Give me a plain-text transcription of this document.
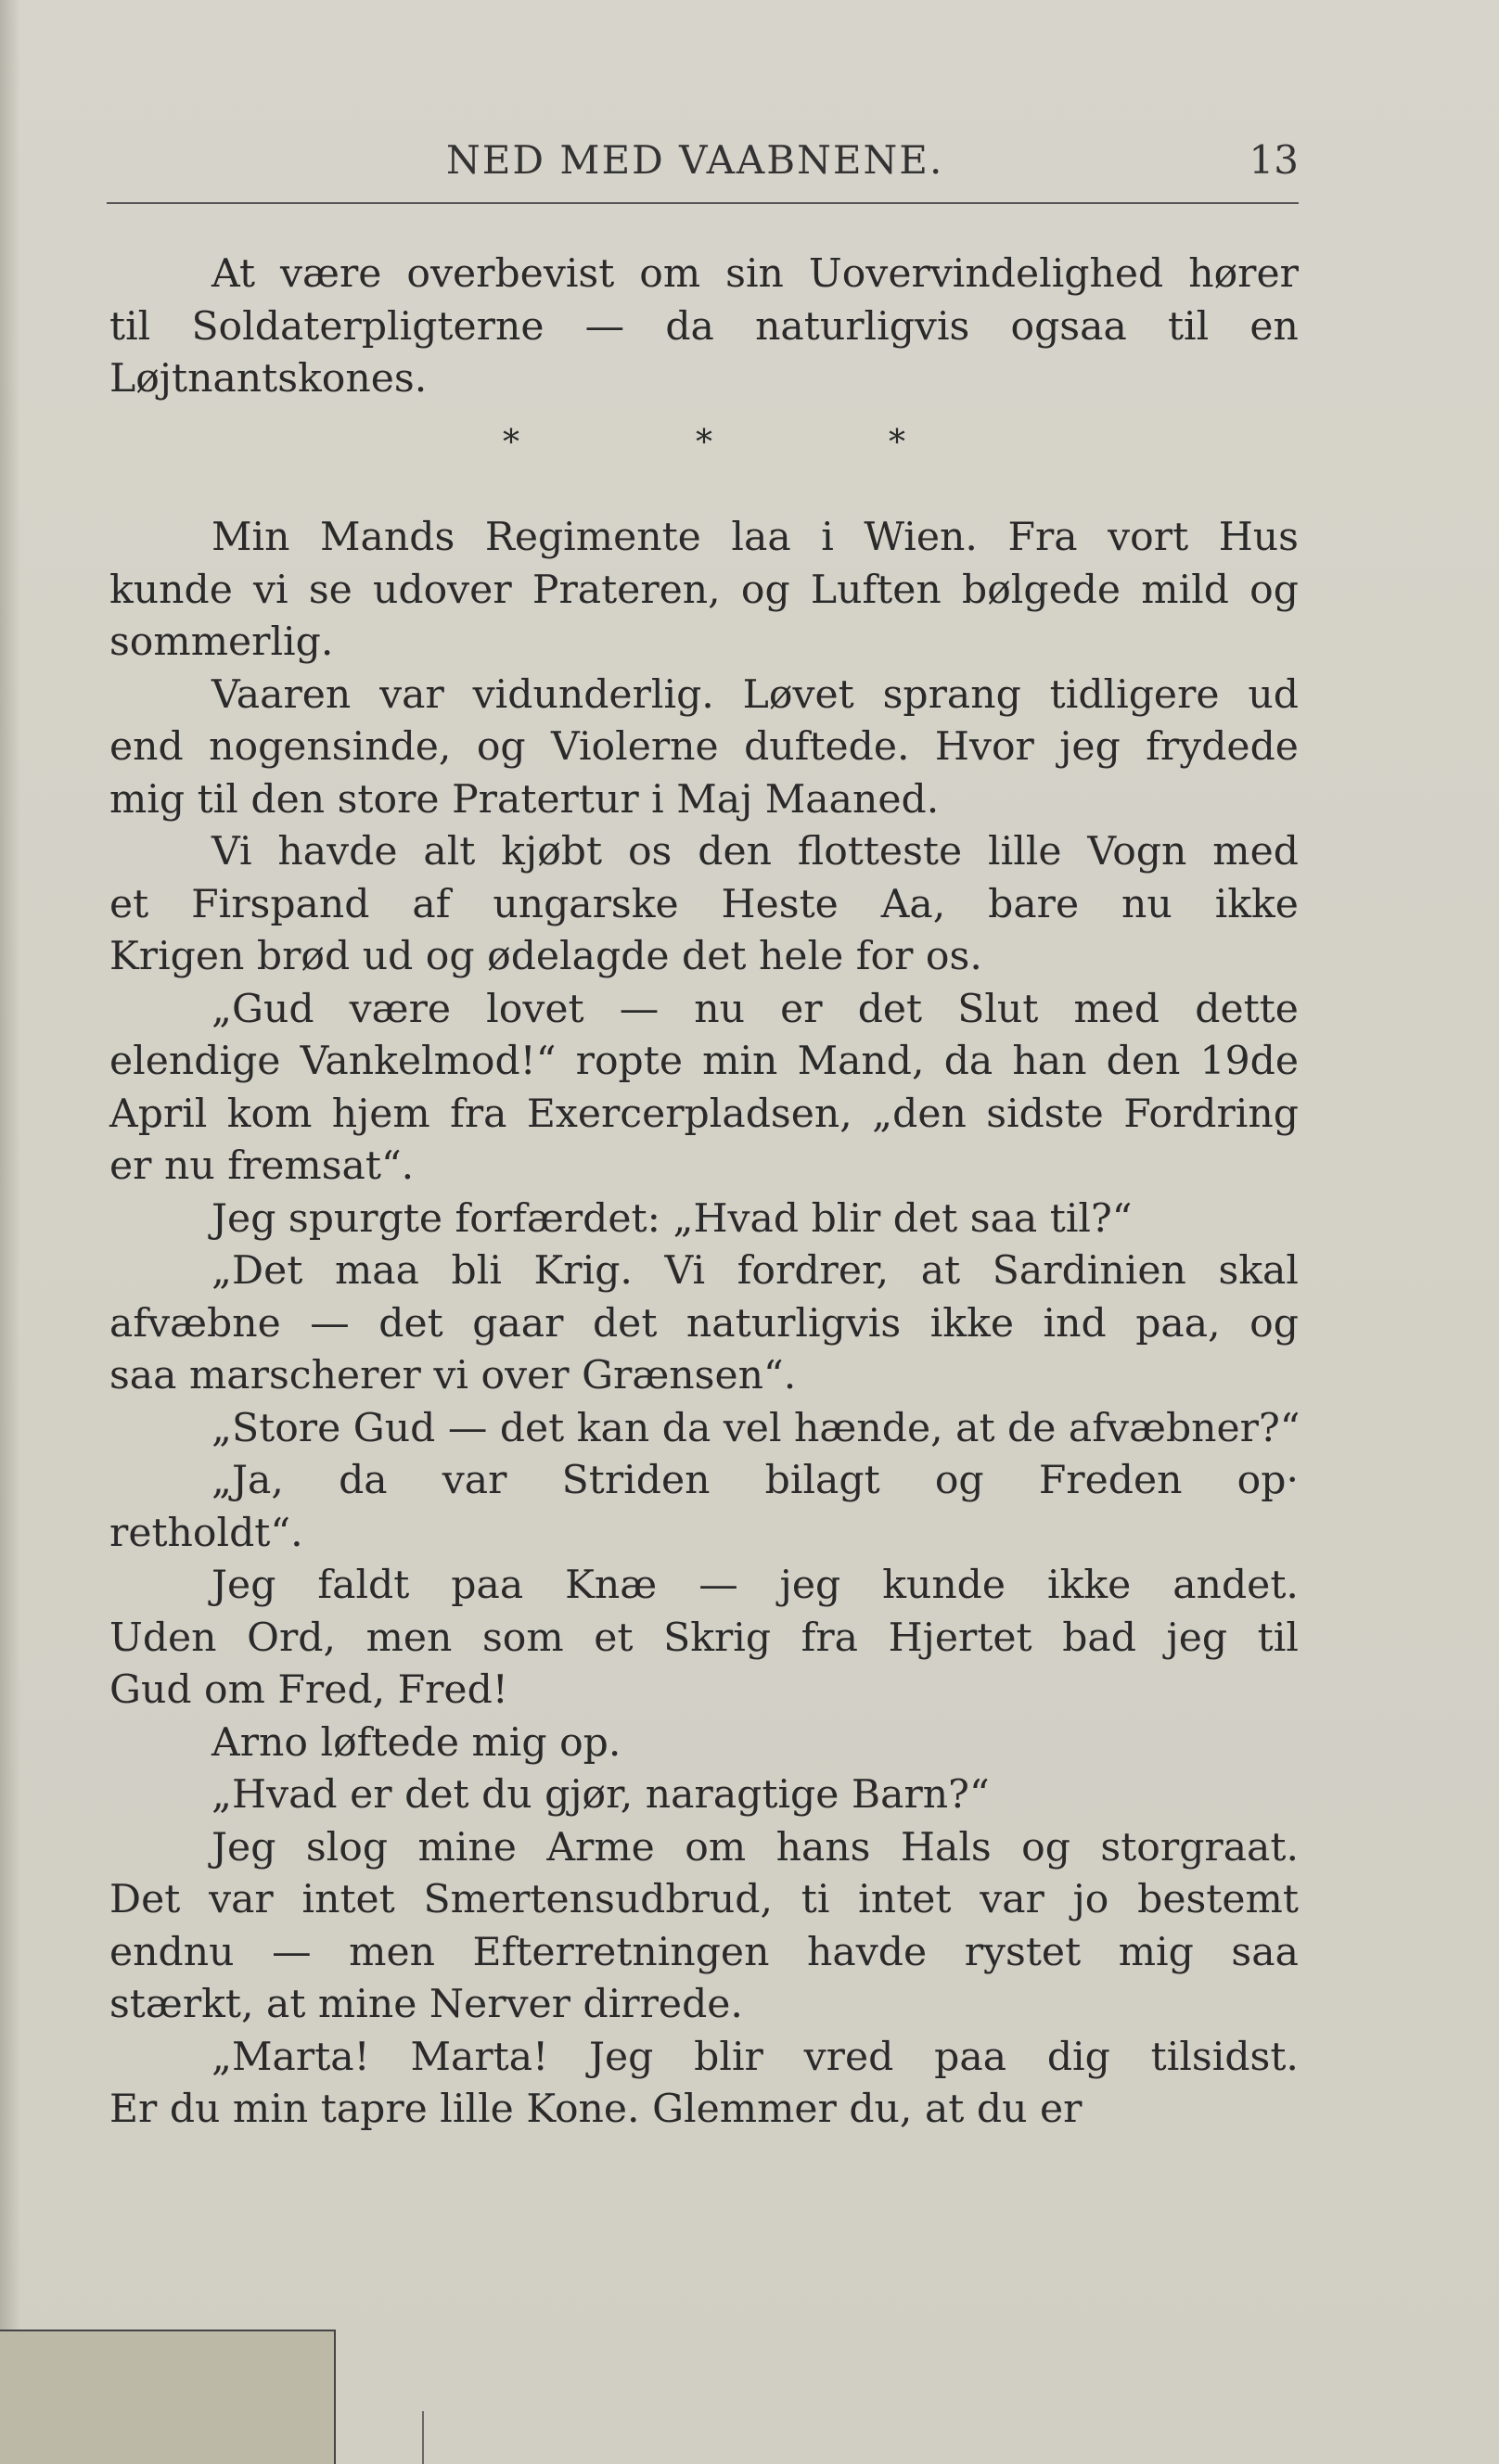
NED MED VAABNENE.	13
At være overbevist om sin Uovervindelighed hører
til Soldaterpligterne — da naturligvis ogsaa til en
Løjtnantskones.
*	*	*
Min Mands Regimente laa i Wien. Fra vort Hus
kunde vi se udover Prateren, og Luften bølgede mild og
sommerlig.
Vaaren var vidunderlig. Løvet sprang tidligere ud
end nogensinde, og Violerne duftede. Hvor jeg frydede
mig til den store Pratertur i Maj Maaned.
Vi havde alt kjøbt os den flotteste lille Vogn med
et Firspand af ungarske Heste Aa, bare nu ikke
Krigen brød ud og ødelagde det hele for os.
„Gud være lovet — nu er det Slut med dette
elendige Vankelmod!“ ropte min Mand, da han den 19de
April kom hjem fra Exercerpladsen, „den sidste Fordring
er nu fremsat“.
Jeg spurgte forfærdet: „Hvad blir det saa til?“
„Det maa bli Krig. Vi fordrer, at Sardinien skal
afvæbne — det gaar det naturligvis ikke ind paa, og
saa marscherer vi over Grænsen“.
„Store Gud — det kan da vel hænde, at de afvæbner?“
„Ja, da var Striden bilagt og Freden op·
retholdt“.
Jeg faldt paa Knæ — jeg kunde ikke andet.
Uden Ord, men som et Skrig fra Hjertet bad jeg til
Gud om Fred, Fred!
Arno løftede mig op.
„Hvad er det du gjør, naragtige Barn?“
Jeg slog mine Arme om hans Hals og storgraat.
Det var intet Smertensudbrud, ti intet var jo bestemt
endnu — men Efterretningen havde rystet mig saa
stærkt, at mine Nerver dirrede.
„Marta! Marta! Jeg blir vred paa dig tilsidst.
Er du min tapre lille Kone. Glemmer du, at du er
